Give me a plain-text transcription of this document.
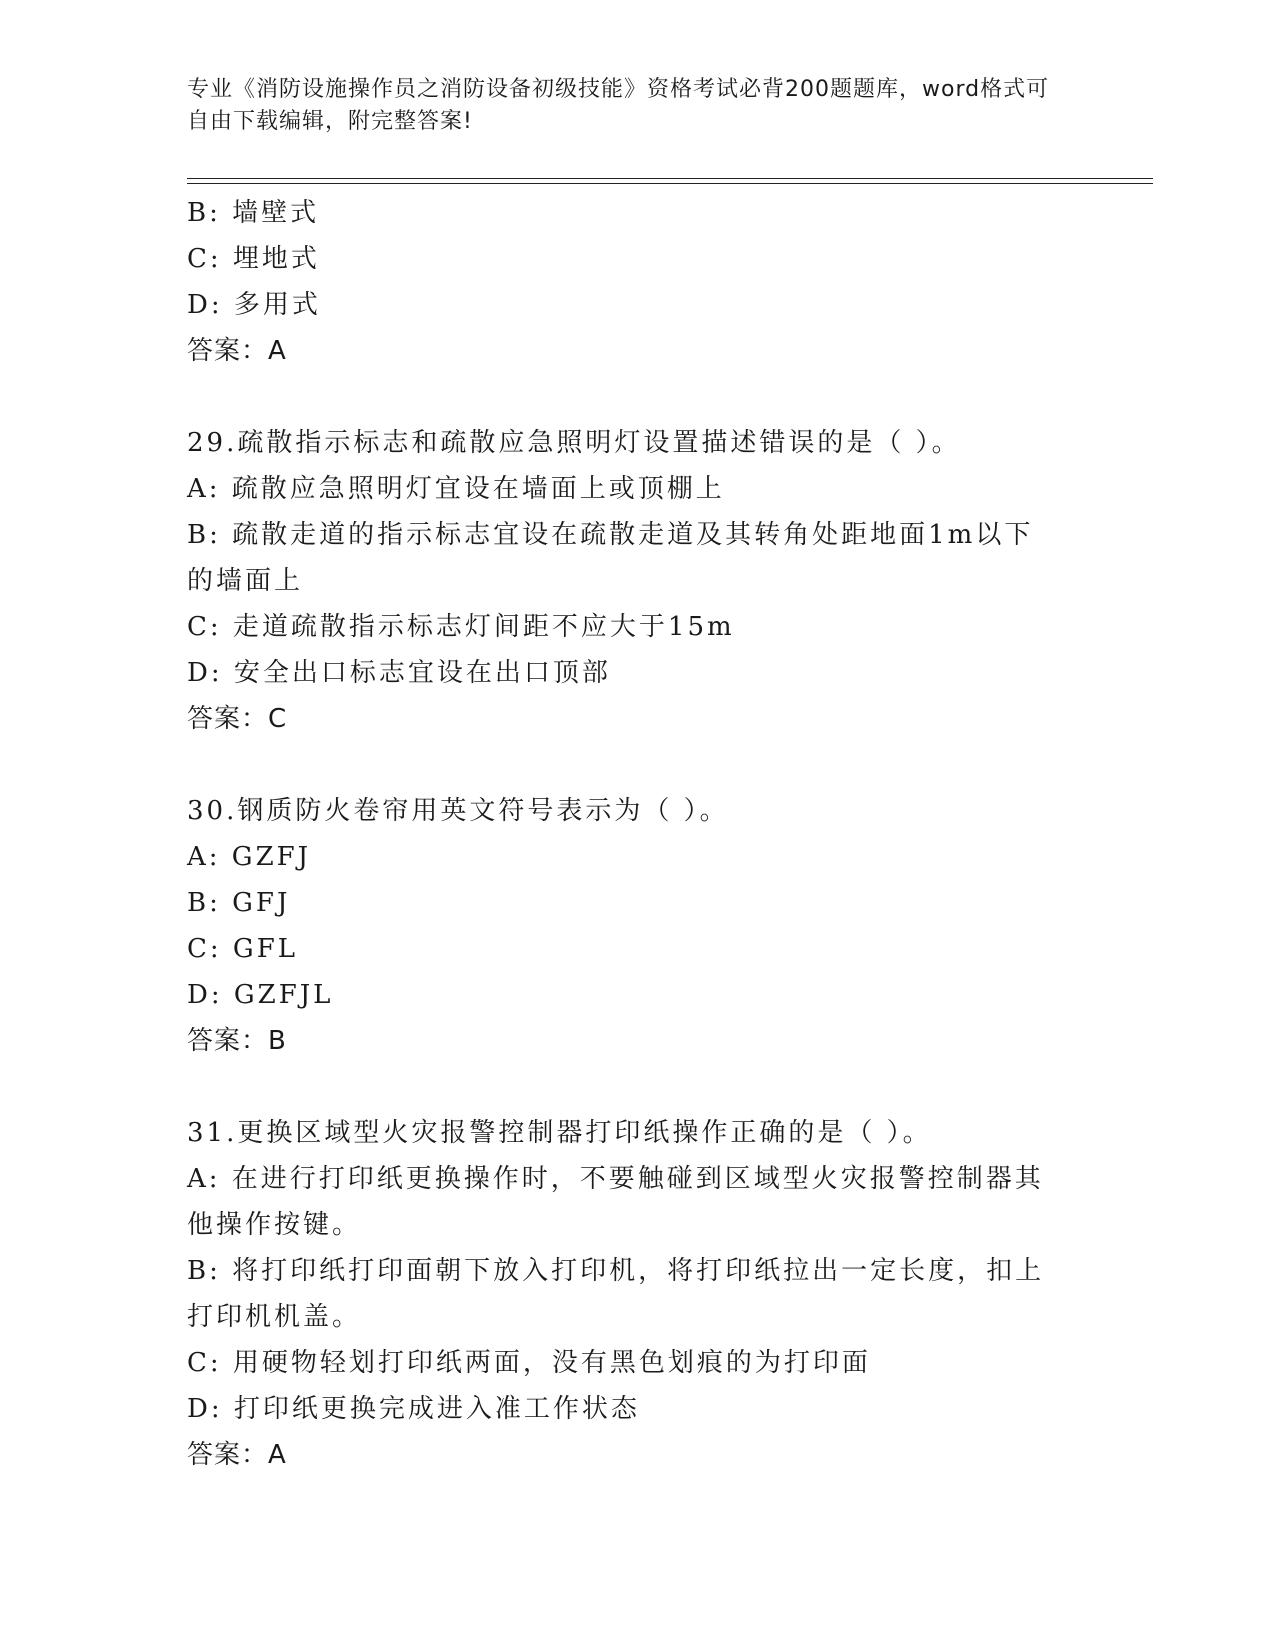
专业《消防设施操作员之消防设备初级技能》资格考试必背200题题库，word格式可自由下载编辑，附完整答案!
B: 墙壁式
C: 埋地式
D: 多用式
答案：A
29.疏散指示标志和疏散应急照明灯设置描述错误的是（ ）。
A: 疏散应急照明灯宜设在墙面上或顶棚上
B: 疏散走道的指示标志宜设在疏散走道及其转角处距地面1m以下的墙面上
C: 走道疏散指示标志灯间距不应大于15m
D: 安全出口标志宜设在出口顶部
答案：C
30.钢质防火卷帘用英文符号表示为（ ）。
A: GZFJ
B: GFJ
C: GFL
D: GZFJL
答案：B
31.更换区域型火灾报警控制器打印纸操作正确的是（ ）。
A: 在进行打印纸更换操作时，不要触碰到区域型火灾报警控制器其他操作按键。
B: 将打印纸打印面朝下放入打印机，将打印纸拉出一定长度，扣上打印机机盖。
C: 用硬物轻划打印纸两面，没有黑色划痕的为打印面
D: 打印纸更换完成进入准工作状态
答案：A
